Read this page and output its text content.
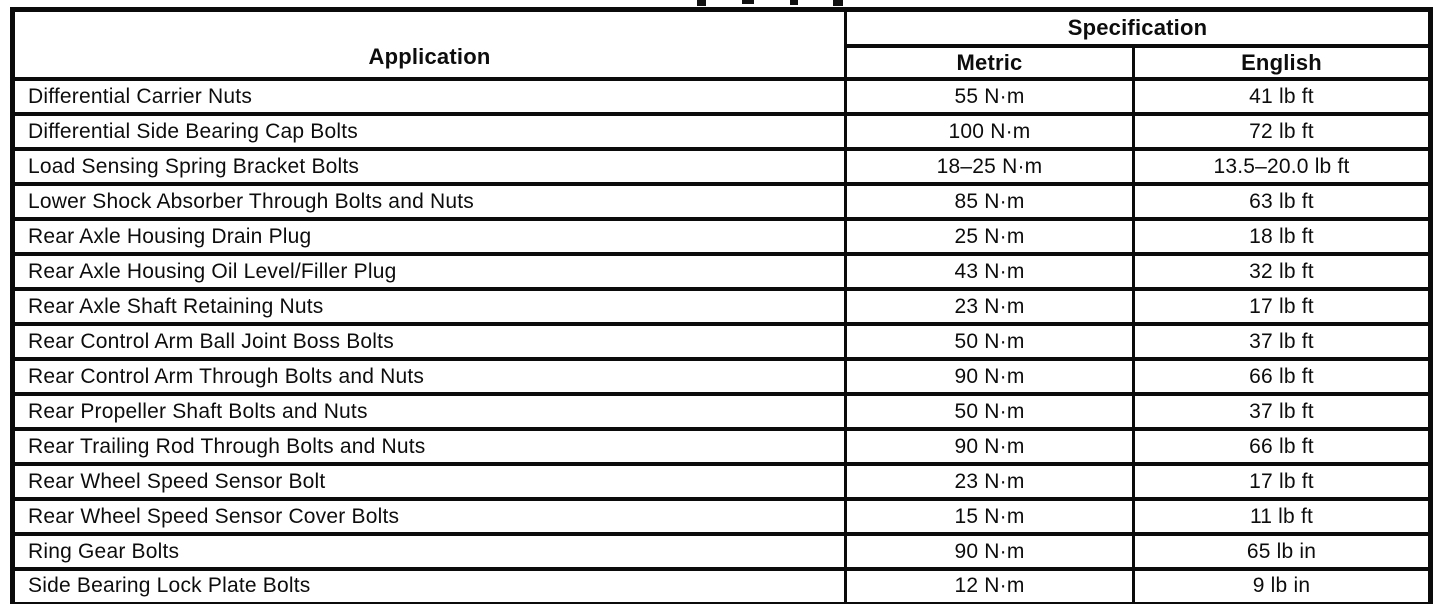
Application	Specification	
	Metric	English
Differential Carrier Nuts	55 N·m	41 lb ft
Differential Side Bearing Cap Bolts	100 N·m	72 lb ft
Load Sensing Spring Bracket Bolts	18–25 N·m	13.5–20.0 lb ft
Lower Shock Absorber Through Bolts and Nuts	85 N·m	63 lb ft
Rear Axle Housing Drain Plug	25 N·m	18 lb ft
Rear Axle Housing Oil Level/Filler Plug	43 N·m	32 lb ft
Rear Axle Shaft Retaining Nuts	23 N·m	17 lb ft
Rear Control Arm Ball Joint Boss Bolts	50 N·m	37 lb ft
Rear Control Arm Through Bolts and Nuts	90 N·m	66 lb ft
Rear Propeller Shaft Bolts and Nuts	50 N·m	37 lb ft
Rear Trailing Rod Through Bolts and Nuts	90 N·m	66 lb ft
Rear Wheel Speed Sensor Bolt	23 N·m	17 lb ft
Rear Wheel Speed Sensor Cover Bolts	15 N·m	11 lb ft
Ring Gear Bolts	90 N·m	65 lb in
Side Bearing Lock Plate Bolts	12 N·m	9 lb in
